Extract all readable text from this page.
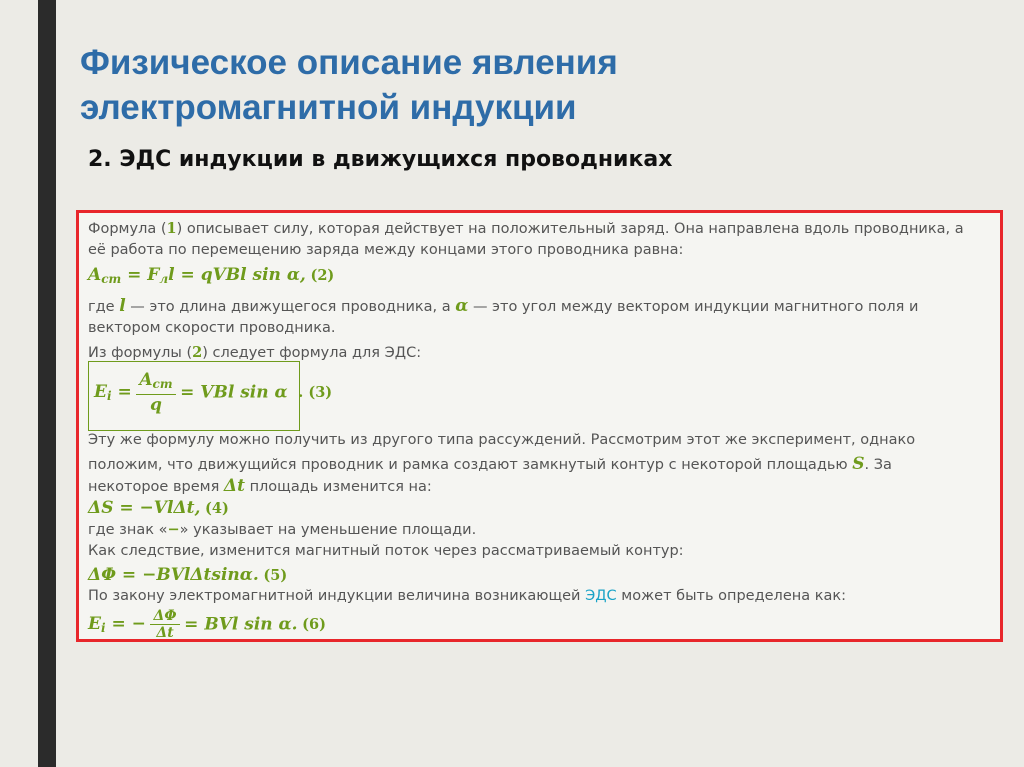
Физическое описание явления
электромагнитной индукции
2. ЭДС индукции в движущихся проводниках
Формула (1) описывает силу, которая действует на положительный заряд. Она направлена вдоль проводника, а
её работа по перемещению заряда между концами этого проводника равна:
$A_{cm} = F_лl$ = qVBl sin α, (2)
где l — это длина движущегося проводника, а α — это угол между вектором индукции магнитного поля и
вектором скорости проводника.
Из формулы (2) следует формула для ЭДС:
$E_i = \frac{A_{cm}}{q}$ = VBl sin α . (3)
Эту же формулу можно получить из другого типа рассуждений. Рассмотрим этот же эксперимент, однако
положим, что движущийся проводник и рамка создают замкнутый контур с некоторой площадью S. За
некоторое время Δt площадь изменится на:
ΔS = −VlΔt, (4)
где знак «−» указывает на уменьшение площади.
Как следствие, изменится магнитный поток через рассматриваемый контур:
ΔΦ = −BVlΔtsinα. (5)
По закону электромагнитной индукции величина возникающей ЭДС может быть определена как:
$E_i$ = − $\frac{\Delta\Phi}{\Delta t}$ = BVl sin α. (6)
